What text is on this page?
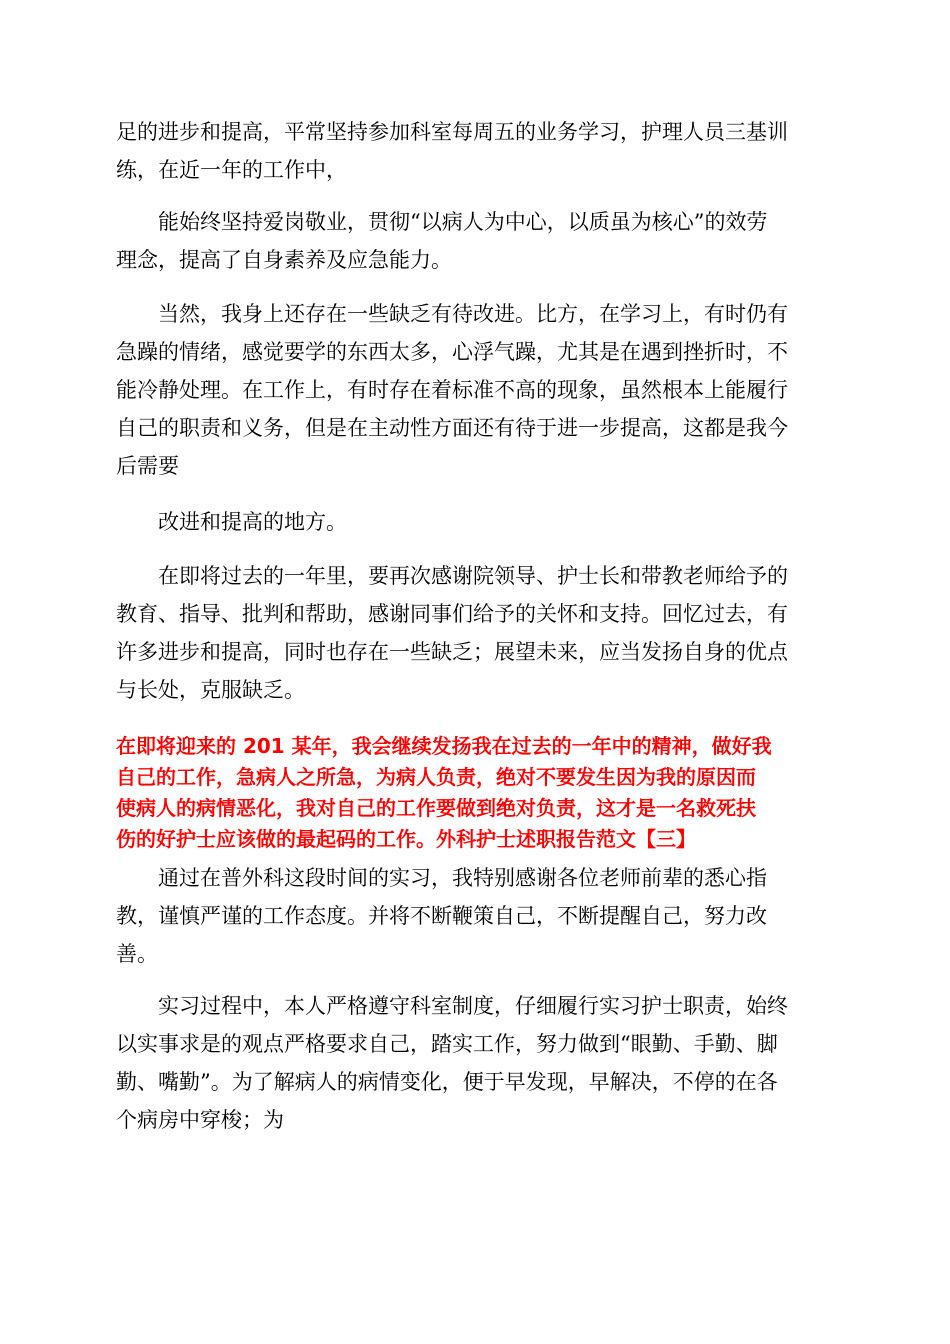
足的进步和提高，平常坚持参加科室每周五的业务学习，护理人员三基训
练，在近一年的工作中，

能始终坚持爱岗敬业，贯彻“以病人为中心，以质虽为核心”的效劳
理念，提高了自身素养及应急能力。

当然，我身上还存在一些缺乏有待改进。比方，在学习上，有时仍有
急躁的情绪，感觉要学的东西太多，心浮气躁，尤其是在遇到挫折时，不
能冷静处理。在工作上，有时存在着标准不高的现象，虽然根本上能履行
自己的职责和义务，但是在主动性方面还有待于进一步提高，这都是我今
后需要

改进和提高的地方。

在即将过去的一年里，要再次感谢院领导、护士长和带教老师给予的
教育、指导、批判和帮助，感谢同事们给予的关怀和支持。回忆过去，有
许多进步和提高，同时也存在一些缺乏；展望未来，应当发扬自身的优点
与长处，克服缺乏。

在即将迎来的 201 某年，我会继续发扬我在过去的一年中的精神，做好我
自己的工作，急病人之所急，为病人负责，绝对不要发生因为我的原因而
使病人的病情恶化，我对自己的工作要做到绝对负责，这才是一名救死扶
伤的好护士应该做的最起码的工作。外科护士述职报告范文【三】

通过在普外科这段时间的实习，我特别感谢各位老师前辈的悉心指
教，谨慎严谨的工作态度。并将不断鞭策自己，不断提醒自己，努力改
善。

实习过程中，本人严格遵守科室制度，仔细履行实习护士职责，始终
以实事求是的观点严格要求自己，踏实工作，努力做到“眼勤、手勤、脚
勤、嘴勤”。为了解病人的病情变化，便于早发现，早解决，不停的在各
个病房中穿梭；为
